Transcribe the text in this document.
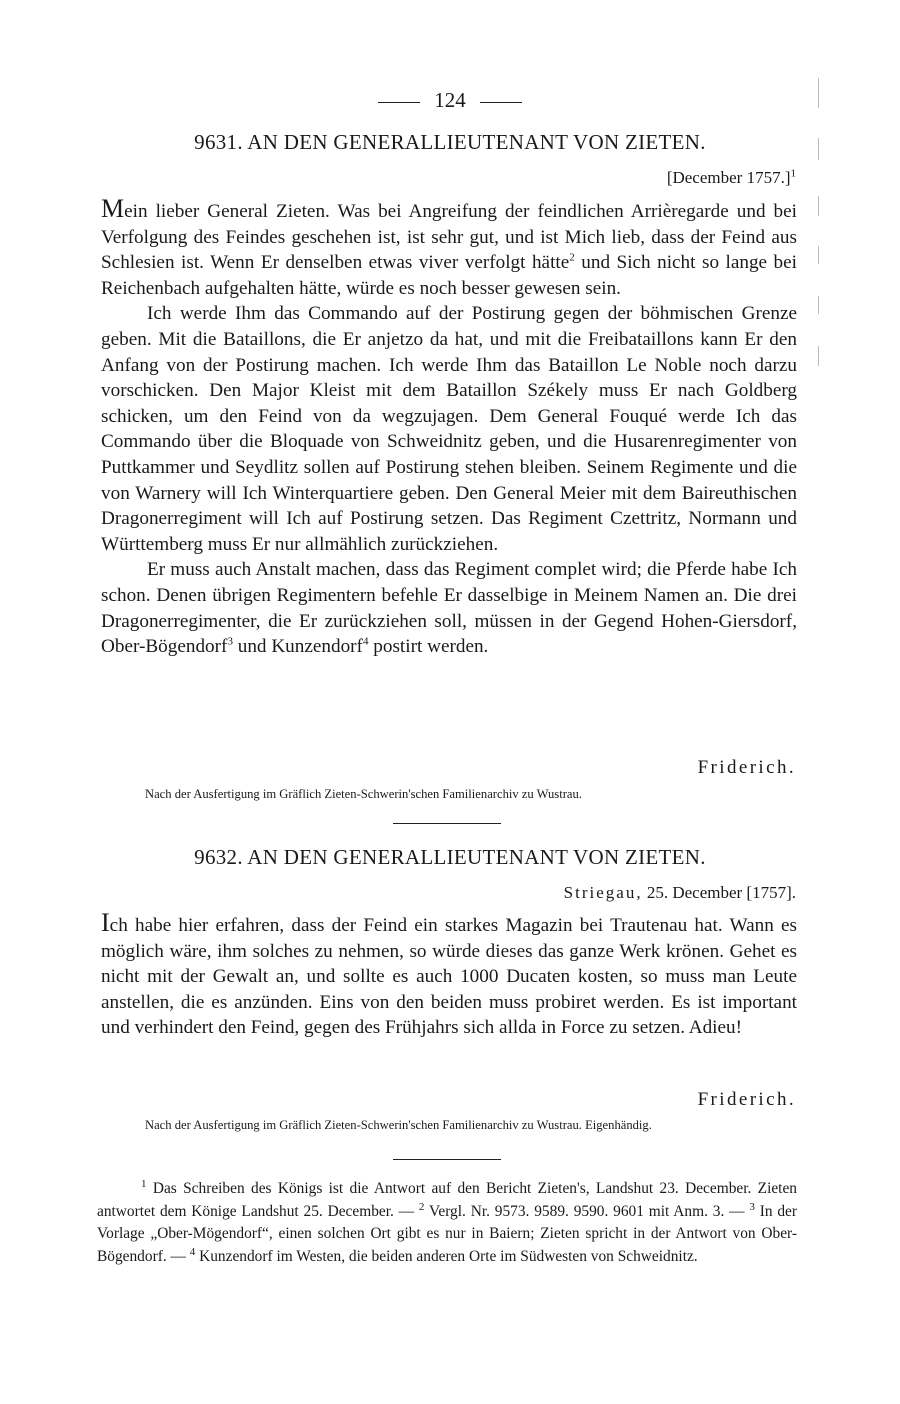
124
9631. AN DEN GENERALLIEUTENANT VON ZIETEN.
[December 1757.]$^1$

Mein lieber General Zieten. Was bei Angreifung der feindlichen Arrièregarde und bei Verfolgung des Feindes geschehen ist, ist sehr gut, und ist Mich lieb, dass der Feind aus Schlesien ist. Wenn Er denselben etwas viver verfolgt hätte$^2$ und Sich nicht so lange bei Reichenbach aufgehalten hätte, würde es noch besser gewesen sein.

Ich werde Ihm das Commando auf der Postirung gegen der böhmischen Grenze geben. Mit die Bataillons, die Er anjetzo da hat, und mit die Freibataillons kann Er den Anfang von der Postirung machen. Ich werde Ihm das Bataillon Le Noble noch darzu vorschicken. Den Major Kleist mit dem Bataillon Székely muss Er nach Goldberg schicken, um den Feind von da wegzujagen. Dem General Fouqué werde Ich das Commando über die Bloquade von Schweidnitz geben, und die Husarenregimenter von Puttkammer und Seydlitz sollen auf Postirung stehen bleiben. Seinem Regimente und die von Warnery will Ich Winterquartiere geben. Den General Meier mit dem Baireuthischen Dragonerregiment will Ich auf Postirung setzen. Das Regiment Czettritz, Normann und Württemberg muss Er nur allmählich zurückziehen.

Er muss auch Anstalt machen, dass das Regiment complet wird; die Pferde habe Ich schon. Denen übrigen Regimentern befehle Er dasselbige in Meinem Namen an. Die drei Dragonerregimenter, die Er zurückziehen soll, müssen in der Gegend Hohen-Giersdorf, Ober-Bögendorf$^3$ und Kunzendorf$^4$ postirt werden.

Friderich.
Nach der Ausfertigung im Gräflich Zieten-Schwerin'schen Familienarchiv zu Wustrau.
9632. AN DEN GENERALLIEUTENANT VON ZIETEN.
Striegau, 25. December [1757].

Ich habe hier erfahren, dass der Feind ein starkes Magazin bei Trautenau hat. Wann es möglich wäre, ihm solches zu nehmen, so würde dieses das ganze Werk krönen. Gehet es nicht mit der Gewalt an, und sollte es auch 1000 Ducaten kosten, so muss man Leute anstellen, die es anzünden. Eins von den beiden muss probiret werden. Es ist important und verhindert den Feind, gegen des Frühjahrs sich allda in Force zu setzen. Adieu!

Friderich.
Nach der Ausfertigung im Gräflich Zieten-Schwerin'schen Familienarchiv zu Wustrau. Eigenhändig.

$^1$ Das Schreiben des Königs ist die Antwort auf den Bericht Zieten's, Landshut 23. December. Zieten antwortet dem Könige Landshut 25. December. — $^2$ Vergl. Nr. 9573. 9589. 9590. 9601 mit Anm. 3. — $^3$ In der Vorlage „Ober-Mögendorf“, einen solchen Ort gibt es nur in Baiern; Zieten spricht in der Antwort von Ober-Bögendorf. — $^4$ Kunzendorf im Westen, die beiden anderen Orte im Südwesten von Schweidnitz.
